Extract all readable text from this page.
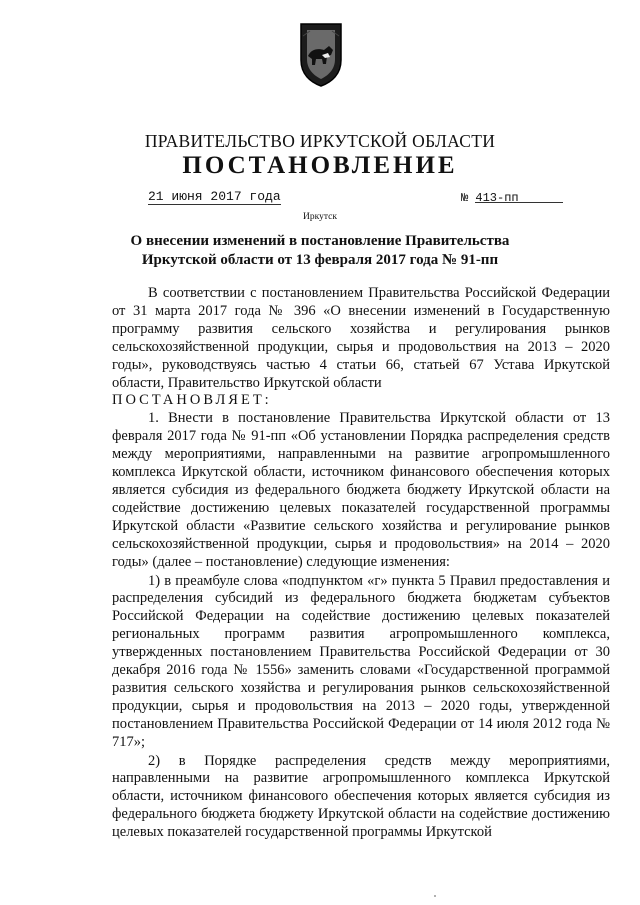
ПРАВИТЕЛЬСТВО ИРКУТСКОЙ ОБЛАСТИ
ПОСТАНОВЛЕНИЕ
21 июня 2017 года	№ 413-пп
Иркутск
О внесении изменений в постановление Правительства Иркутской области от 13 февраля 2017 года № 91-пп

В соответствии с постановлением Правительства Российской Федерации от 31 марта 2017 года № 396 «О внесении изменений в Государственную программу развития сельского хозяйства и регулирования рынков сельскохозяйственной продукции, сырья и продовольствия на 2013 – 2020 годы», руководствуясь частью 4 статьи 66, статьей 67 Устава Иркутской области, Правительство Иркутской области

ПОСТАНОВЛЯЕТ:

1. Внести в постановление Правительства Иркутской области от 13 февраля 2017 года № 91-пп «Об установлении Порядка распределения средств между мероприятиями, направленными на развитие агропромышленного комплекса Иркутской области, источником финансового обеспечения которых является субсидия из федерального бюджета бюджету Иркутской области на содействие достижению целевых показателей государственной программы Иркутской области «Развитие сельского хозяйства и регулирование рынков сельскохозяйственной продукции, сырья и продовольствия» на 2014 – 2020 годы» (далее – постановление) следующие изменения:

1) в преамбуле слова «подпунктом «г» пункта 5 Правил предоставления и распределения субсидий из федерального бюджета бюджетам субъектов Российской Федерации на содействие достижению целевых показателей региональных программ развития агропромышленного комплекса, утвержденных постановлением Правительства Российской Федерации от 30 декабря 2016 года № 1556» заменить словами «Государственной программой развития сельского хозяйства и регулирования рынков сельскохозяйственной продукции, сырья и продовольствия на 2013 – 2020 годы, утвержденной постановлением Правительства Российской Федерации от 14 июля 2012 года № 717»;

2) в Порядке распределения средств между мероприятиями, направленными на развитие агропромышленного комплекса Иркутской области, источником финансового обеспечения которых является субсидия из федерального бюджета бюджету Иркутской области на содействие достижению целевых показателей государственной программы Иркутской
